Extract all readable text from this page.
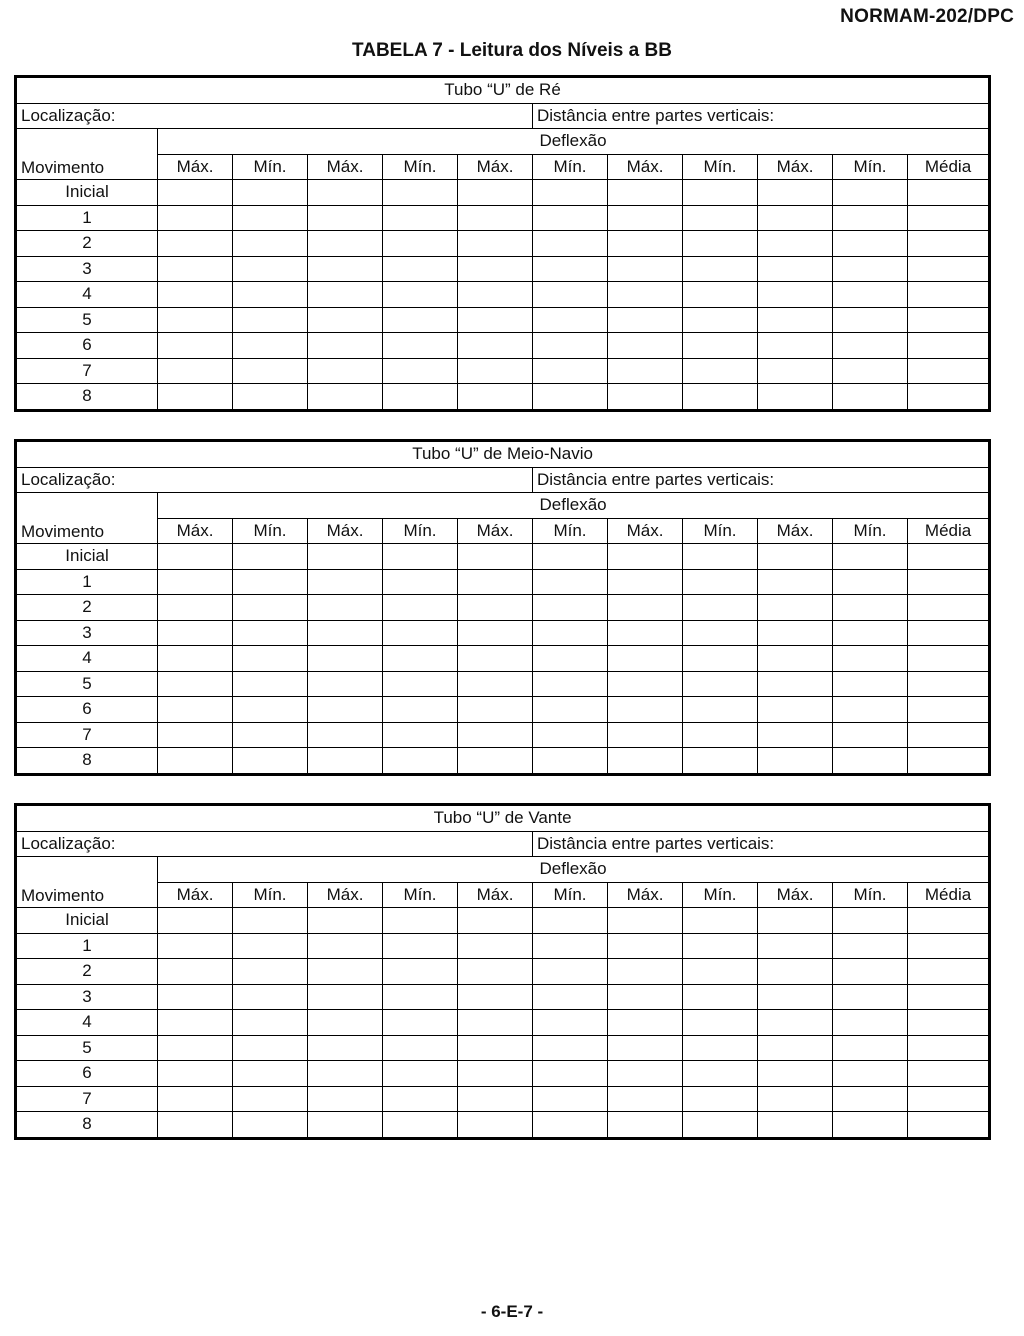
NORMAM-202/DPC
TABELA 7 - Leitura dos Níveis a BB
Tubo “U” de Ré											
Localização:						Distância entre partes verticais:					
Movimento	Deflexão										
	Máx.	Mín.	Máx.	Mín.	Máx.	Mín.	Máx.	Mín.	Máx.	Mín.	Média
Inicial											
1											
2											
3											
4											
5											
6											
7											
8											
Tubo “U” de Meio-Navio											
Localização:						Distância entre partes verticais:					
Movimento	Deflexão										
	Máx.	Mín.	Máx.	Mín.	Máx.	Mín.	Máx.	Mín.	Máx.	Mín.	Média
Inicial											
1											
2											
3											
4											
5											
6											
7											
8											
Tubo “U” de Vante											
Localização:						Distância entre partes verticais:					
Movimento	Deflexão										
	Máx.	Mín.	Máx.	Mín.	Máx.	Mín.	Máx.	Mín.	Máx.	Mín.	Média
Inicial											
1											
2											
3											
4											
5											
6											
7											
8											
- 6-E-7 -
